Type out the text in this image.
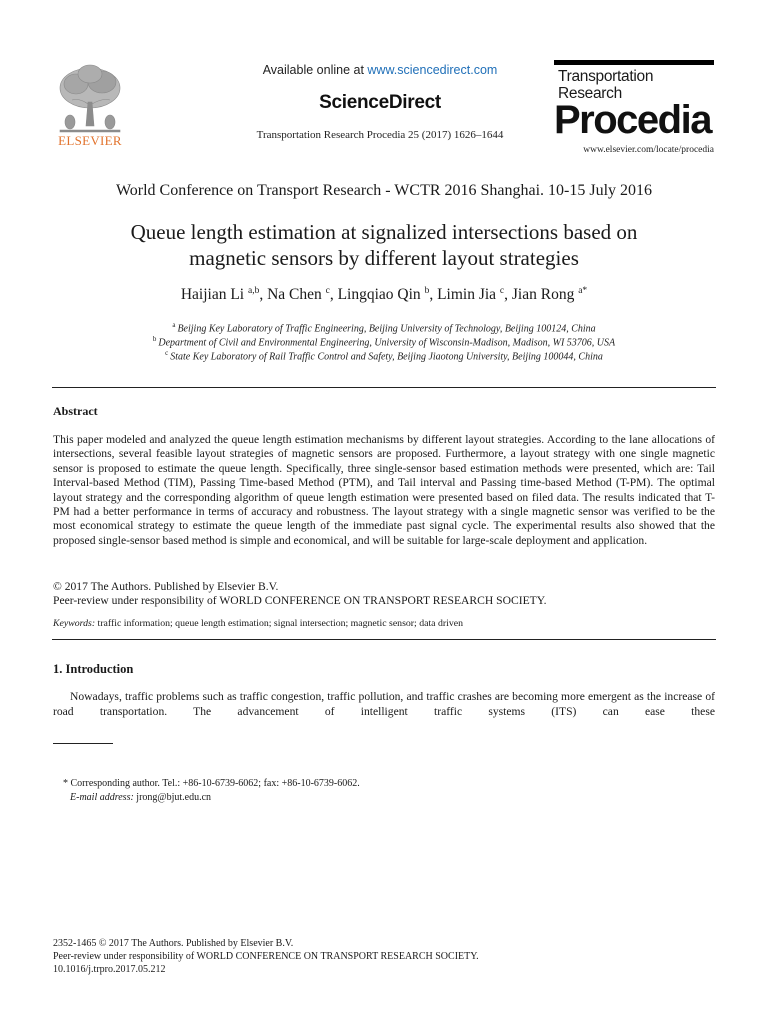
ELSEVIER
Available online at www.sciencedirect.com
ScienceDirect
Transportation Research Procedia 25 (2017) 1626–1644
Transportation
Research
Procedia
www.elsevier.com/locate/procedia
World Conference on Transport Research - WCTR 2016 Shanghai. 10-15 July 2016
Queue length estimation at signalized intersections based on
magnetic sensors by different layout strategies
Haijian Li $^{a,b}$, Na Chen $^c$, Lingqiao Qin $^b$, Limin Jia $^c$, Jian Rong $^{a*}$
$^a$ Beijing Key Laboratory of Traffic Engineering, Beijing University of Technology, Beijing 100124, China
$^b$ Department of Civil and Environmental Engineering, University of Wisconsin-Madison, Madison, WI 53706, USA
$^c$ State Key Laboratory of Rail Traffic Control and Safety, Beijing Jiaotong University, Beijing 100044, China
Abstract
This paper modeled and analyzed the queue length estimation mechanisms by different layout strategies. According to the lane allocations of intersections, several feasible layout strategies of magnetic sensors are proposed. Furthermore, a layout strategy with one single magnetic sensor is proposed to estimate the queue length. Specifically, three single-sensor based estimation methods were presented, which are: Tail Interval-based Method (TIM), Passing Time-based Method (PTM), and Tail interval and Passing time-based Method (T-PM). The optimal layout strategy and the corresponding algorithm of queue length estimation were presented based on filed data. The results indicated that T-PM had a better performance in terms of accuracy and robustness. The layout strategy with a single magnetic sensor was verified to be the most economical strategy to estimate the queue length of the immediate past signal cycle. The experimental results also showed that the proposed single-sensor based method is simple and economical, and will be suitable for large-scale deployment and application.
© 2017 The Authors. Published by Elsevier B.V.
Peer-review under responsibility of WORLD CONFERENCE ON TRANSPORT RESEARCH SOCIETY.
Keywords: traffic information; queue length estimation; signal intersection; magnetic sensor; data driven
1. Introduction
Nowadays, traffic problems such as traffic congestion, traffic pollution, and traffic crashes are becoming more emergent as the increase of road transportation. The advancement of intelligent traffic systems (ITS) can ease these
* Corresponding author. Tel.: +86-10-6739-6062; fax: +86-10-6739-6062.
E-mail address: jrong@bjut.edu.cn
2352-1465 © 2017 The Authors. Published by Elsevier B.V.
Peer-review under responsibility of WORLD CONFERENCE ON TRANSPORT RESEARCH SOCIETY.
10.1016/j.trpro.2017.05.212
